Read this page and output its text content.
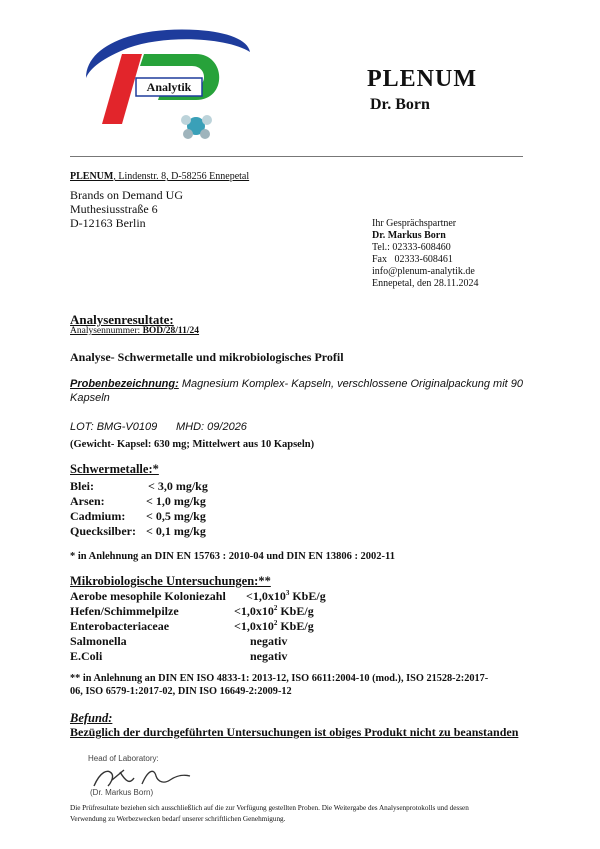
Analytik	PLENUM
Dr. Born
PLENUM, Lindenstr. 8, D-58256 Ennepetal
Brands on Demand UG
Muthesiusstraße 6
D-12163 Berlin	Ihr Gesprächspartner
Dr. Markus Born
Tel.: 02333-608460
Fax   02333-608461
info@plenum-analytik.de
Ennepetal, den 28.11.2024
Analysenresultate:
Analysennummer: BOD/28/11/24
Analyse- Schwermetalle und mikrobiologisches Profil
Probenbezeichnung: Magnesium Komplex- Kapseln, verschlossene Originalpackung mit 90
Kapseln
LOT: BMG-V0109 MHD: 09/2026
(Gewicht- Kapsel: 630 mg; Mittelwert aus 10 Kapseln)
Schwermetalle:*
Blei:	< 3,0 mg/kg
Arsen:	< 1,0 mg/kg
Cadmium: < 0,5 mg/kg
Quecksilber: < 0,1 mg/kg
* in Anlehnung an DIN EN 15763 : 2010-04 und DIN EN 13806 : 2002-11
Mikrobiologische Untersuchungen:**
Aerobe mesophile Koloniezahl $<1,0x10^3$ KbE/g
Hefen/Schimmelpilze	$<1,0x10^2$ KbE/g
Enterobacteriaceae	$<1,0x10^2$ KbE/g
Salmonella	negativ
E.Coli	negativ
** in Anlehnung an DIN EN ISO 4833-1: 2013-12, ISO 6611:2004-10 (mod.), ISO 21528-2:2017-
06, ISO 6579-1:2017-02, DIN ISO 16649-2:2009-12
Befund:
Bezüglich der durchgeführten Untersuchungen ist obiges Produkt nicht zu beanstanden
Head of Laboratory:
(Dr. Markus Born)
Die Prüfresultate beziehen sich ausschließlich auf die zur Verfügung gestellten Proben. Die Weitergabe des Analysenprotokolls und dessen
Verwendung zu Werbezwecken bedarf unserer schriftlichen Genehmigung.
